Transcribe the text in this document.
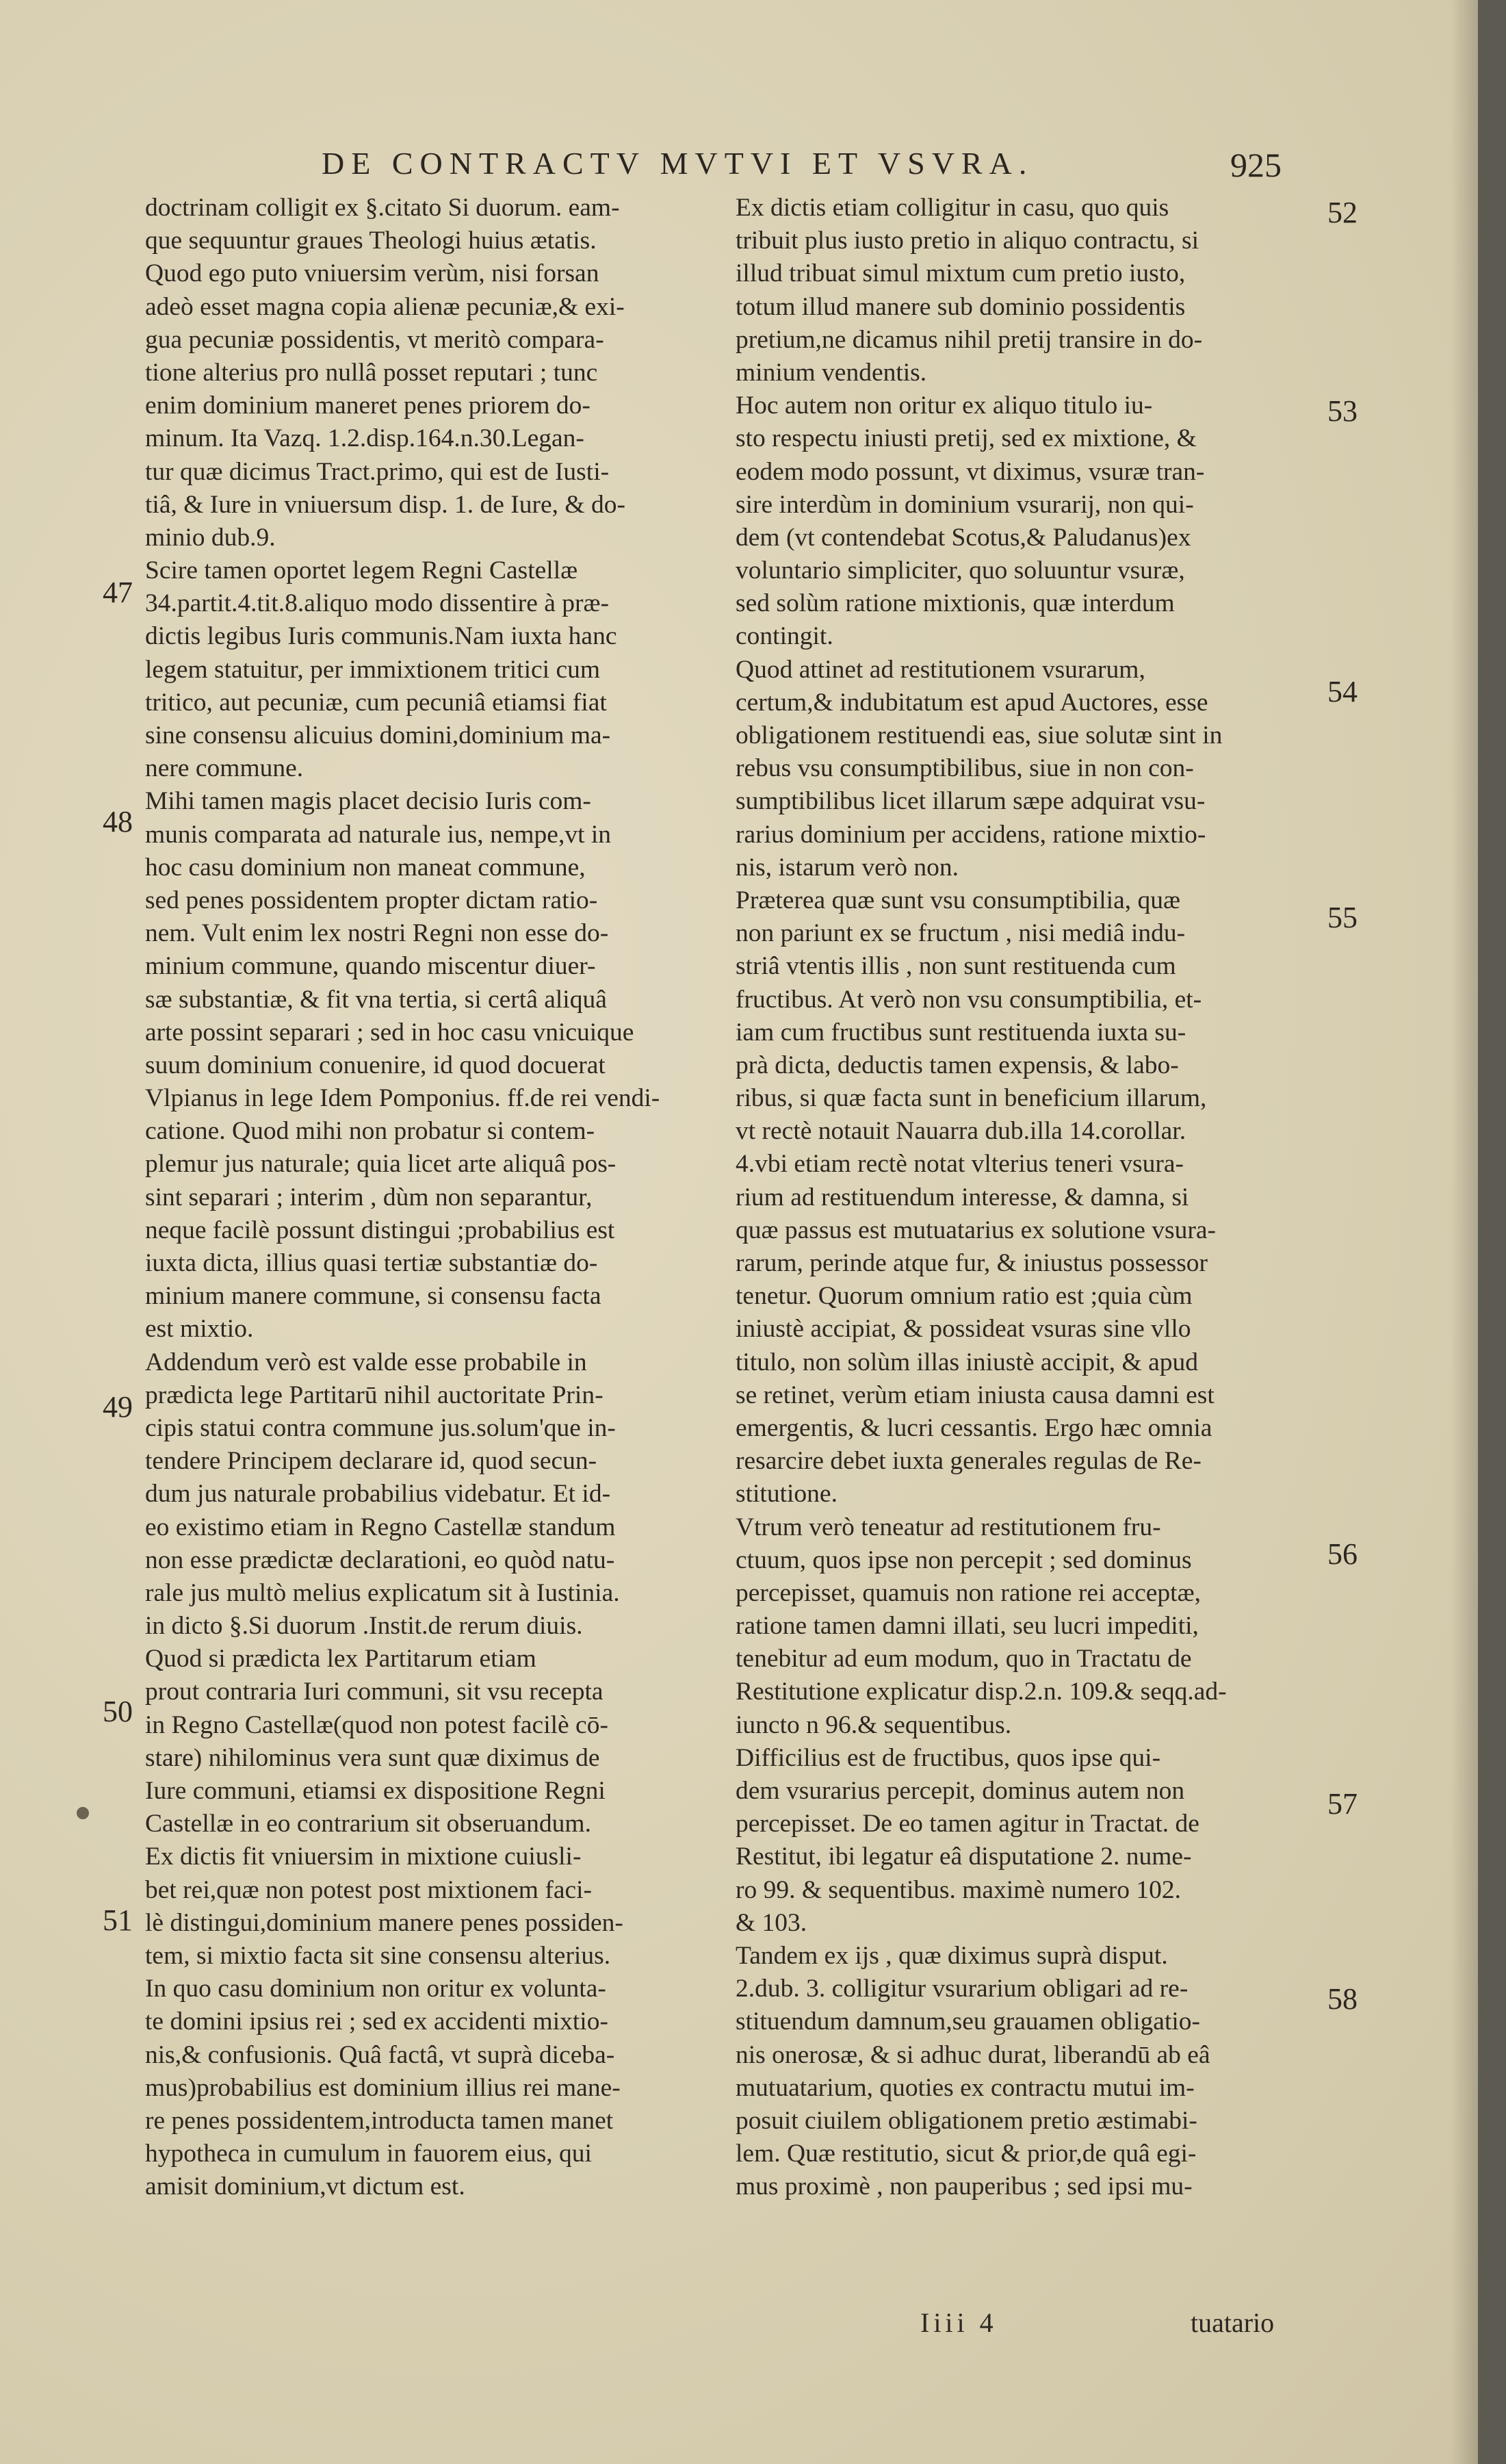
DE CONTRACTV MVTVI ET VSVRA.	925
doctrinam colligit ex §.citato Si duorum. eam-
que sequuntur graues Theologi huius ætatis.
Quod ego puto vniuersim verùm, nisi forsan
adeò esset magna copia alienæ pecuniæ,& exi-
gua pecuniæ possidentis, vt meritò compara-
tione alterius pro nullâ posset reputari ; tunc
enim dominium maneret penes priorem do-
minum. Ita Vazq. 1.2.disp.164.n.30.Legan-
tur quæ dicimus Tract.primo, qui est de Iusti-
tiâ, & Iure in vniuersum disp. 1. de Iure, & do-
minio dub.9.
Scire tamen oportet legem Regni Castellæ
34.partit.4.tit.8.aliquo modo dissentire à præ-
dictis legibus Iuris communis.Nam iuxta hanc
legem statuitur, per immixtionem tritici cum
tritico, aut pecuniæ, cum pecuniâ etiamsi fiat
sine consensu alicuius domini,dominium ma-
nere commune.
Mihi tamen magis placet decisio Iuris com-
munis comparata ad naturale ius, nempe,vt in
hoc casu dominium non maneat commune,
sed penes possidentem propter dictam ratio-
nem. Vult enim lex nostri Regni non esse do-
minium commune, quando miscentur diuer-
sæ substantiæ, & fit vna tertia, si certâ aliquâ
arte possint separari ; sed in hoc casu vnicuique
suum dominium conuenire, id quod docuerat
Vlpianus in lege Idem Pomponius. ff.de rei vendi-
catione. Quod mihi non probatur si contem-
plemur jus naturale; quia licet arte aliquâ pos-
sint separari ; interim , dùm non separantur,
neque facilè possunt distingui ;probabilius est
iuxta dicta, illius quasi tertiæ substantiæ do-
minium manere commune, si consensu facta
est mixtio.
Addendum verò est valde esse probabile in
prædicta lege Partitarū nihil auctoritate Prin-
cipis statui contra commune jus.solum'que in-
tendere Principem declarare id, quod secun-
dum jus naturale probabilius videbatur. Et id-
eo existimo etiam in Regno Castellæ standum
non esse prædictæ declarationi, eo quòd natu-
rale jus multò melius explicatum sit à Iustinia.
in dicto §.Si duorum .Instit.de rerum diuis.
Quod si prædicta lex Partitarum etiam
prout contraria Iuri communi, sit vsu recepta
in Regno Castellæ(quod non potest facilè cō-
stare) nihilominus vera sunt quæ diximus de
Iure communi, etiamsi ex dispositione Regni
Castellæ in eo contrarium sit obseruandum.
Ex dictis fit vniuersim in mixtione cuiusli-
bet rei,quæ non potest post mixtionem faci-
lè distingui,dominium manere penes possiden-
tem, si mixtio facta sit sine consensu alterius.
In quo casu dominium non oritur ex volunta-
te domini ipsius rei ; sed ex accidenti mixtio-
nis,& confusionis. Quâ factâ, vt suprà diceba-
mus)probabilius est dominium illius rei mane-
re penes possidentem,introducta tamen manet
hypotheca in cumulum in fauorem eius, qui
amisit dominium,vt dictum est.
Ex dictis etiam colligitur in casu, quo quis
tribuit plus iusto pretio in aliquo contractu, si
illud tribuat simul mixtum cum pretio iusto,
totum illud manere sub dominio possidentis
pretium,ne dicamus nihil pretij transire in do-
minium vendentis.
Hoc autem non oritur ex aliquo titulo iu-
sto respectu iniusti pretij, sed ex mixtione, &
eodem modo possunt, vt diximus, vsuræ tran-
sire interdùm in dominium vsurarij, non qui-
dem (vt contendebat Scotus,& Paludanus)ex
voluntario simpliciter, quo soluuntur vsuræ,
sed solùm ratione mixtionis, quæ interdum
contingit.
Quod attinet ad restitutionem vsurarum,
certum,& indubitatum est apud Auctores, esse
obligationem restituendi eas, siue solutæ sint in
rebus vsu consumptibilibus, siue in non con-
sumptibilibus licet illarum sæpe adquirat vsu-
rarius dominium per accidens, ratione mixtio-
nis, istarum verò non.
Præterea quæ sunt vsu consumptibilia, quæ
non pariunt ex se fructum , nisi mediâ indu-
striâ vtentis illis , non sunt restituenda cum
fructibus. At verò non vsu consumptibilia, et-
iam cum fructibus sunt restituenda iuxta su-
prà dicta, deductis tamen expensis, & labo-
ribus, si quæ facta sunt in beneficium illarum,
vt rectè notauit Nauarra dub.illa 14.corollar.
4.vbi etiam rectè notat vlterius teneri vsura-
rium ad restituendum interesse, & damna, si
quæ passus est mutuatarius ex solutione vsura-
rarum, perinde atque fur, & iniustus possessor
tenetur. Quorum omnium ratio est ;quia cùm
iniustè accipiat, & possideat vsuras sine vllo
titulo, non solùm illas iniustè accipit, & apud
se retinet, verùm etiam iniusta causa damni est
emergentis, & lucri cessantis. Ergo hæc omnia
resarcire debet iuxta generales regulas de Re-
stitutione.
Vtrum verò teneatur ad restitutionem fru-
ctuum, quos ipse non percepit ; sed dominus
percepisset, quamuis non ratione rei acceptæ,
ratione tamen damni illati, seu lucri impediti,
tenebitur ad eum modum, quo in Tractatu de
Restitutione explicatur disp.2.n. 109.& seqq.ad-
iuncto n 96.& sequentibus.
Difficilius est de fructibus, quos ipse qui-
dem vsurarius percepit, dominus autem non
percepisset. De eo tamen agitur in Tractat. de
Restitut, ibi legatur eâ disputatione 2. nume-
ro 99. & sequentibus. maximè numero 102.
& 103.
Tandem ex ijs , quæ diximus suprà disput.
2.dub. 3. colligitur vsurarium obligari ad re-
stituendum damnum,seu grauamen obligatio-
nis onerosæ, & si adhuc durat, liberandū ab eâ
mutuatarium, quoties ex contractu mutui im-
posuit ciuilem obligationem pretio æstimabi-
lem. Quæ restitutio, sicut & prior,de quâ egi-
mus proximè , non pauperibus ; sed ipsi mu-
47
48
49
50
51
52
53
54
55
56
57
58
Iiii 4	tuatario
